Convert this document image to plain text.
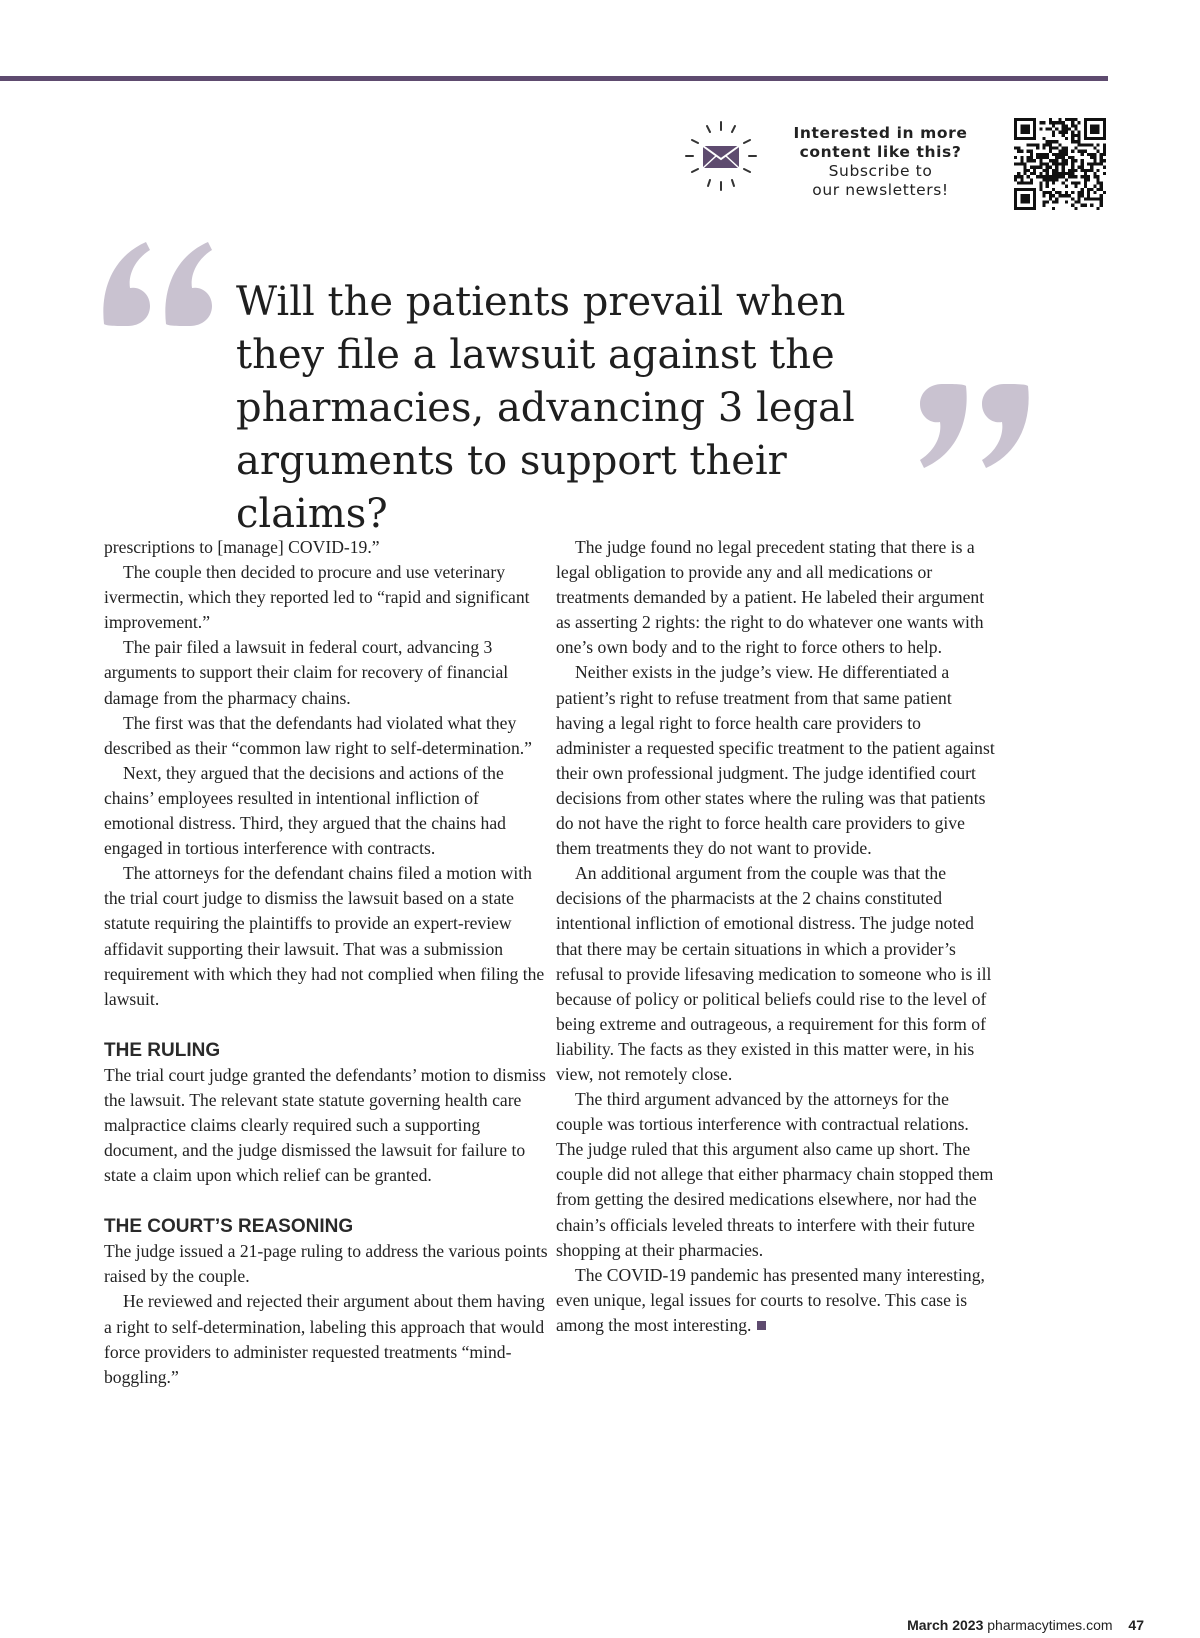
Interested in more
content like this?
Subscribe to
our newsletters!
Will the patients prevail when they file a lawsuit against the pharmacies, advancing 3 legal arguments to support their claims?

prescriptions to [manage] COVID-19.”

The couple then decided to procure and use veterinary ivermectin, which they reported led to “rapid and significant improvement.”

The pair filed a lawsuit in federal court, advancing 3 arguments to support their claim for recovery of financial damage from the pharmacy chains.

The first was that the defendants had violated what they described as their “common law right to self-determination.”

Next, they argued that the decisions and actions of the chains’ employees resulted in intentional infliction of emotional distress. Third, they argued that the chains had engaged in tortious interference with contracts.

The attorneys for the defendant chains filed a motion with the trial court judge to dismiss the lawsuit based on a state statute requiring the plaintiffs to provide an expert-review affidavit supporting their lawsuit. That was a submission requirement with which they had not complied when filing the lawsuit.

THE RULING

The trial court judge granted the defendants’ motion to dismiss the lawsuit. The relevant state statute governing health care malpractice claims clearly required such a supporting document, and the judge dismissed the lawsuit for failure to state a claim upon which relief can be granted.

THE COURT’S REASONING

The judge issued a 21-page ruling to address the various points raised by the couple.

He reviewed and rejected their argument about them having a right to self-determination, labeling this approach that would force providers to administer requested treatments “mind-boggling.”

The judge found no legal precedent stating that there is a legal obligation to provide any and all medications or treatments demanded by a patient. He labeled their argument as asserting 2 rights: the right to do whatever one wants with one’s own body and to the right to force others to help.

Neither exists in the judge’s view. He differentiated a patient’s right to refuse treatment from that same patient having a legal right to force health care providers to administer a requested specific treatment to the patient against their own professional judgment. The judge identified court decisions from other states where the ruling was that patients do not have the right to force health care providers to give them treatments they do not want to provide.

An additional argument from the couple was that the decisions of the pharmacists at the 2 chains constituted intentional infliction of emotional distress. The judge noted that there may be certain situations in which a provider’s refusal to provide lifesaving medication to someone who is ill because of policy or political beliefs could rise to the level of being extreme and outrageous, a requirement for this form of liability. The facts as they existed in this matter were, in his view, not remotely close.

The third argument advanced by the attorneys for the couple was tortious interference with contractual relations. The judge ruled that this argument also came up short. The couple did not allege that either pharmacy chain stopped them from getting the desired medications elsewhere, nor had the chain’s officials leveled threats to interfere with their future shopping at their pharmacies.

The COVID-19 pandemic has presented many interesting, even unique, legal issues for courts to resolve. This case is among the most interesting.

March 2023 pharmacytimes.com 47
